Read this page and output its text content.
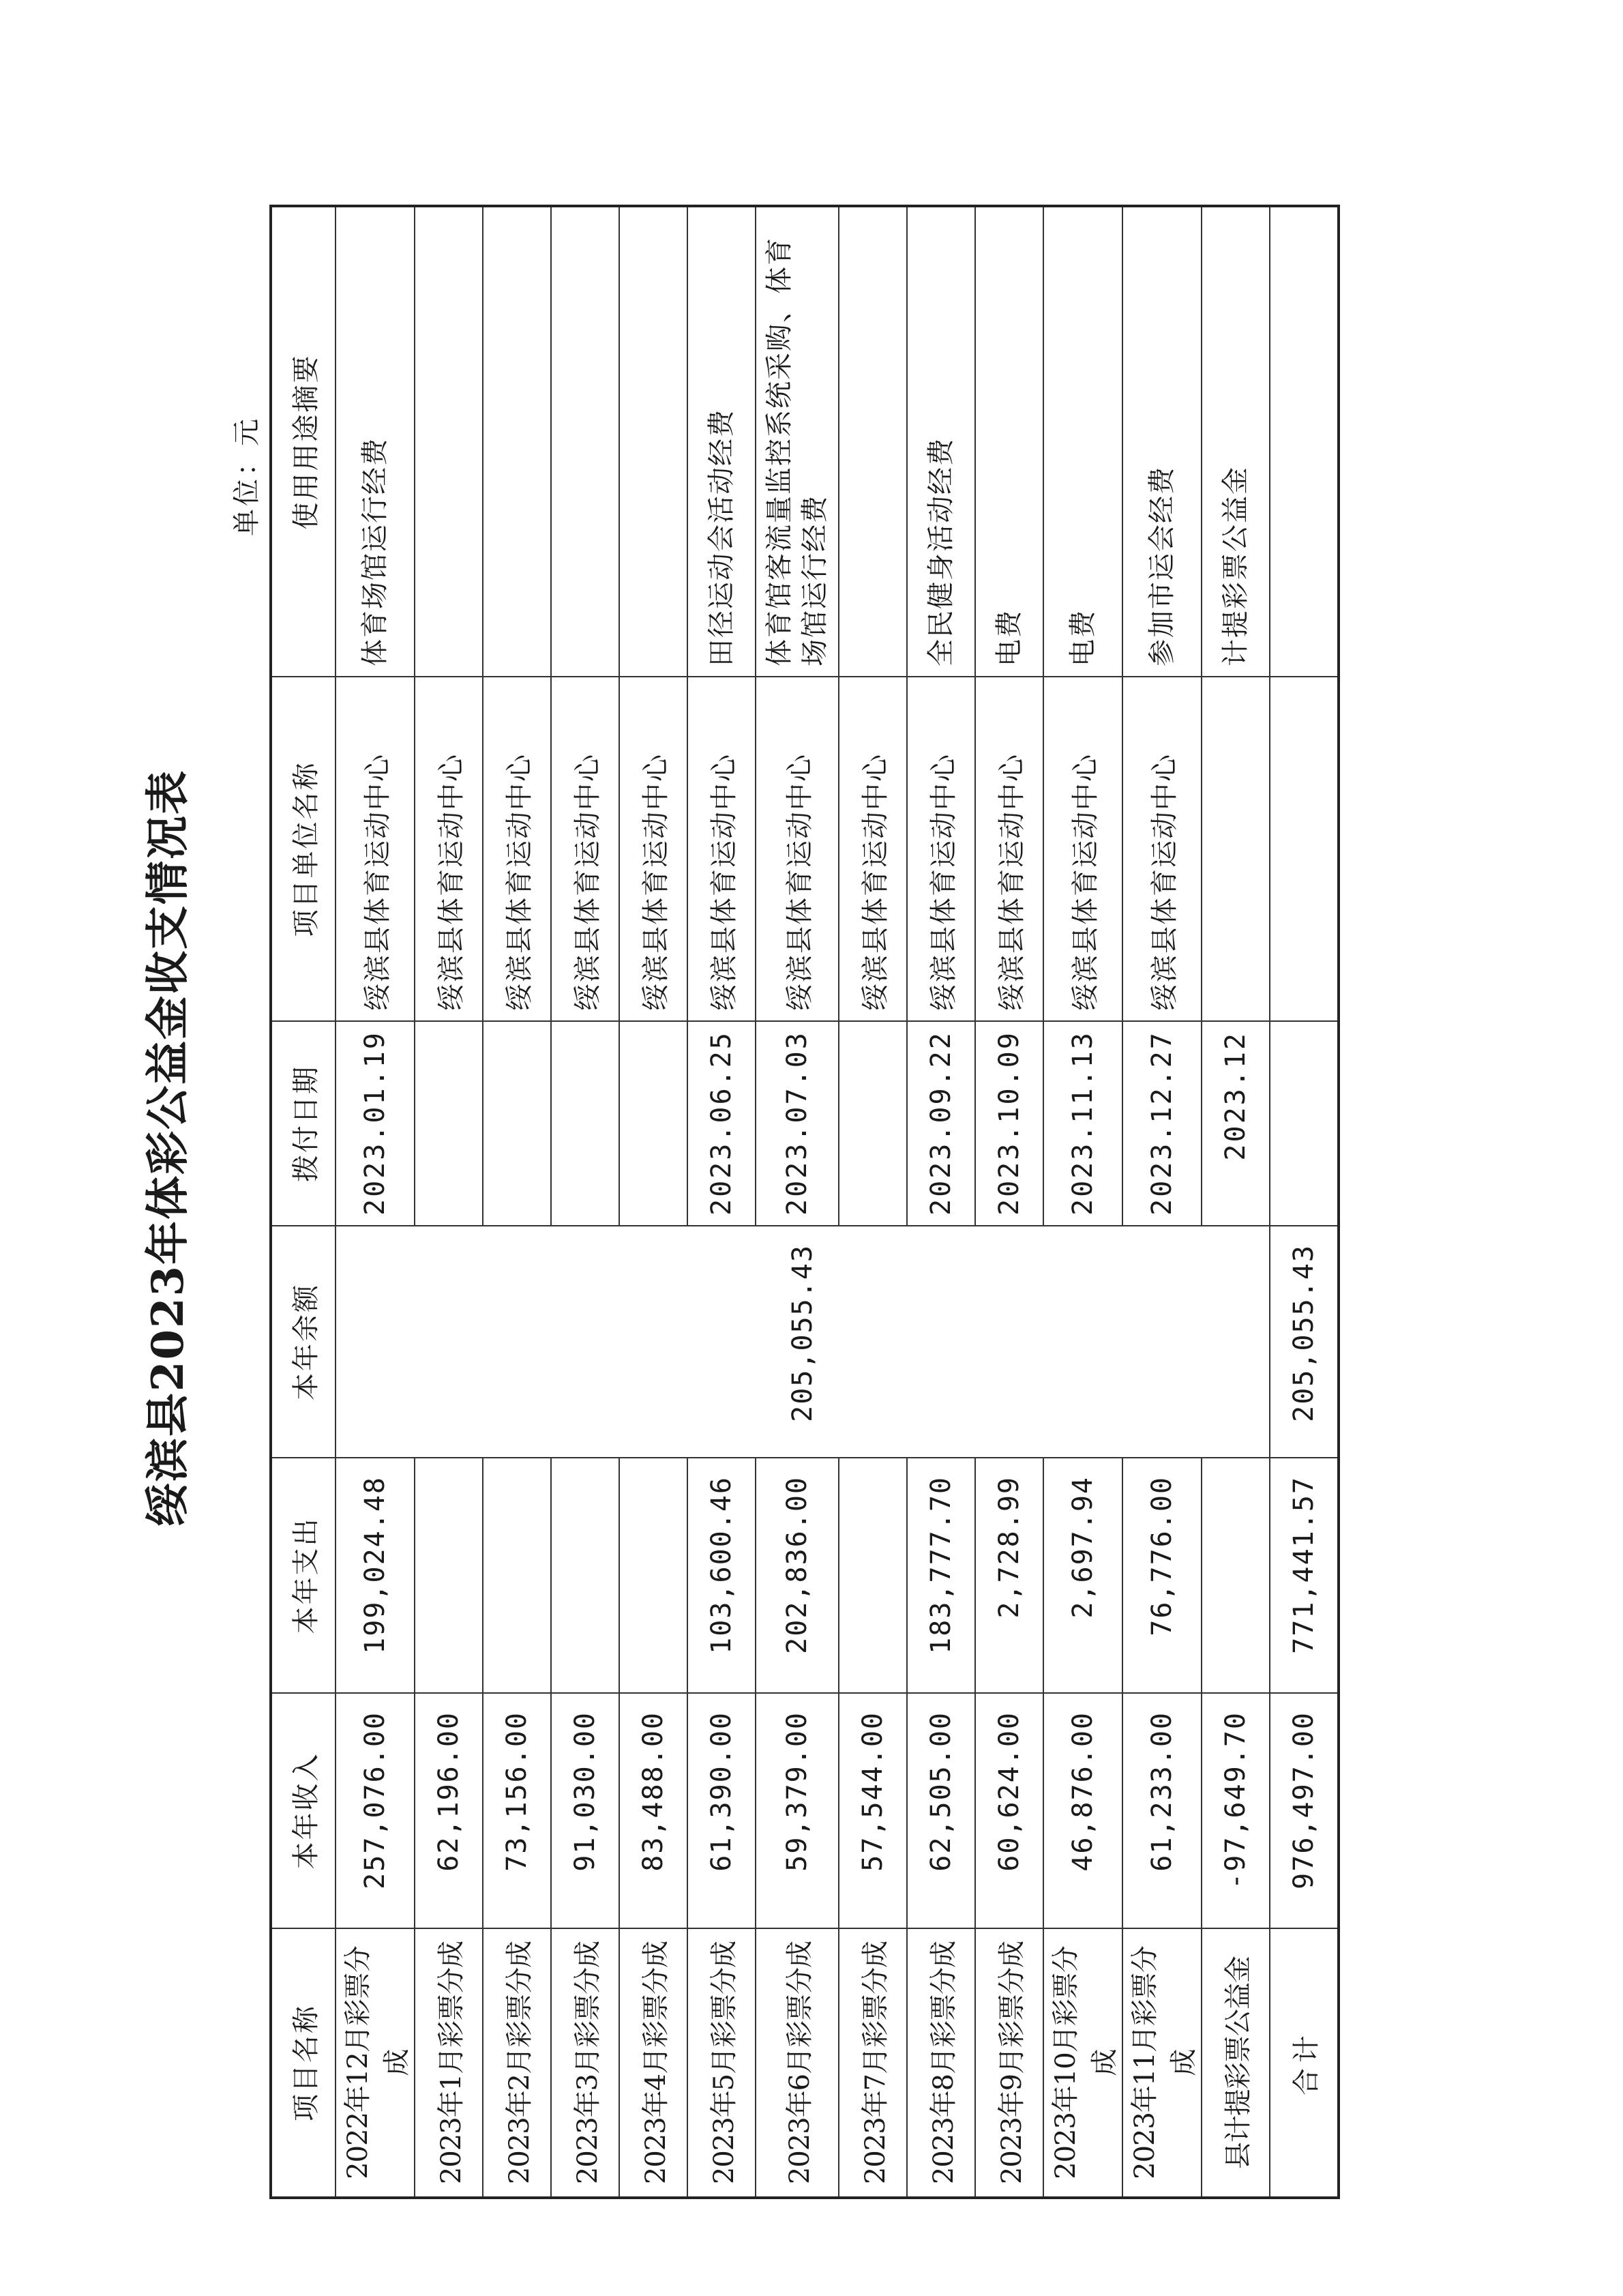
绥滨县2023年体彩公益金收支情况表
单位：元
项目名称	本年收入	本年支出	本年余额	拨付日期	项目单位名称	使用用途摘要
2022年12月彩票分成	257,076.00	199,024.48	205,055.43	2023.01.19	绥滨县体育运动中心	体育场馆运行经费
2023年1月彩票分成	62,196.00				绥滨县体育运动中心	
2023年2月彩票分成	73,156.00				绥滨县体育运动中心	
2023年3月彩票分成	91,030.00				绥滨县体育运动中心	
2023年4月彩票分成	83,488.00				绥滨县体育运动中心	
2023年5月彩票分成	61,390.00	103,600.46		2023.06.25	绥滨县体育运动中心	田径运动会活动经费
2023年6月彩票分成	59,379.00	202,836.00		2023.07.03	绥滨县体育运动中心	体育馆客流量监控系统采购、体育场馆运行经费
2023年7月彩票分成	57,544.00				绥滨县体育运动中心	
2023年8月彩票分成	62,505.00	183,777.70		2023.09.22	绥滨县体育运动中心	全民健身活动经费
2023年9月彩票分成	60,624.00	2,728.99		2023.10.09	绥滨县体育运动中心	电费
2023年10月彩票分成	46,876.00	2,697.94		2023.11.13	绥滨县体育运动中心	电费
2023年11月彩票分成	61,233.00	76,776.00		2023.12.27	绥滨县体育运动中心	参加市运会经费
县计提彩票公益金	-97,649.70			2023.12		计提彩票公益金
合计	976,497.00	771,441.57	205,055.43			
